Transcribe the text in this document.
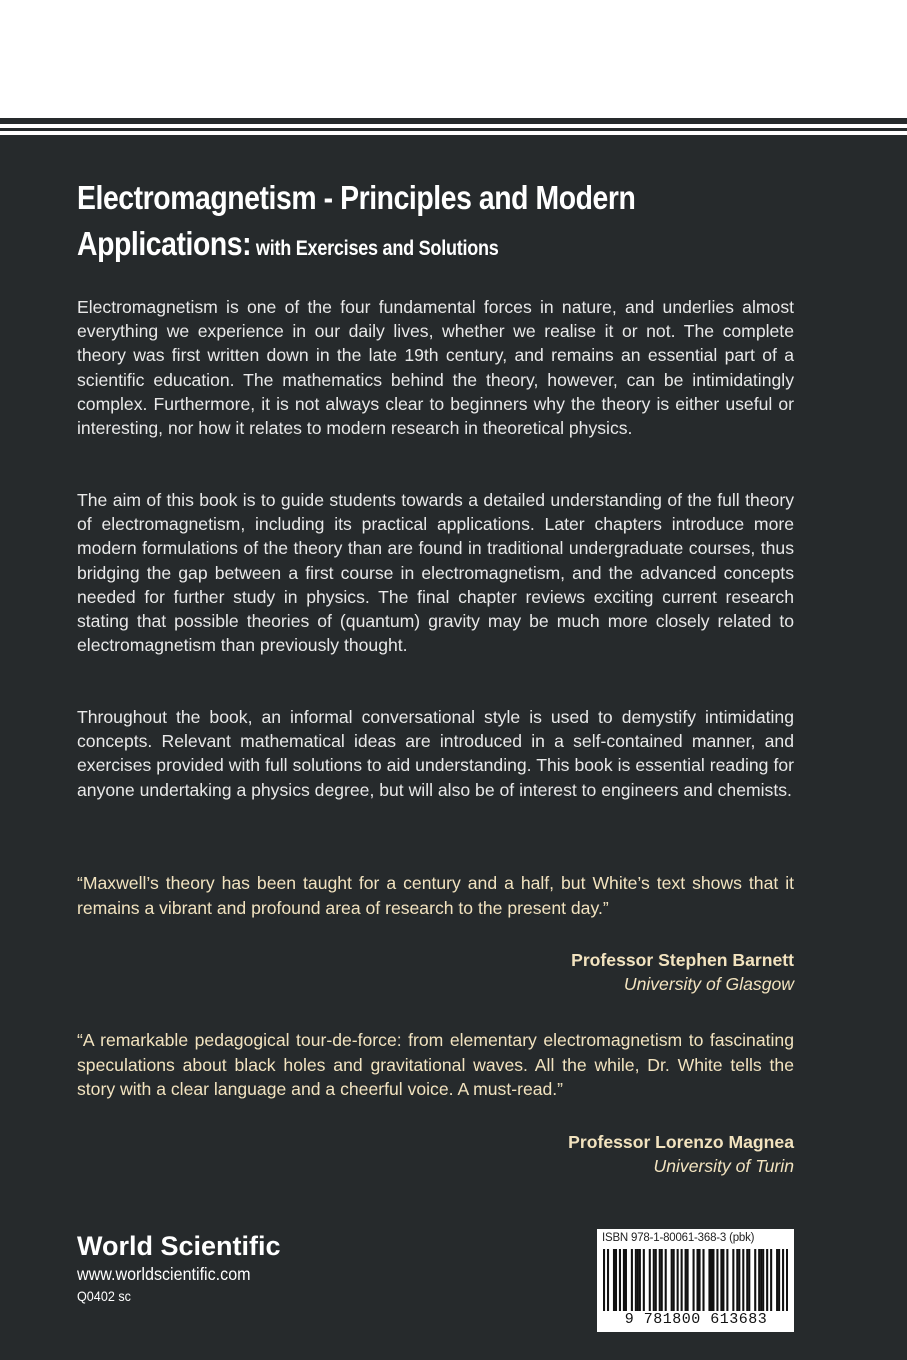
Electromagnetism - Principles and Modern
Applications: with Exercises and Solutions

Electromagnetism is one of the four fundamental forces in nature, and underlies almost everything we experience in our daily lives, whether we realise it or not. The complete theory was first written down in the late 19th century, and remains an essential part of a scientific education. The mathematics behind the theory, however, can be intimidatingly complex. Furthermore, it is not always clear to beginners why the theory is either useful or interesting, nor how it relates to modern research in theoretical physics.

The aim of this book is to guide students towards a detailed understanding of the full theory of electromagnetism, including its practical applications. Later chapters introduce more modern formulations of the theory than are found in traditional undergraduate courses, thus bridging the gap between a first course in electromagnetism, and the advanced concepts needed for further study in physics. The final chapter reviews exciting current research stating that possible theories of (quantum) gravity may be much more closely related to electromagnetism than previously thought.

Throughout the book, an informal conversational style is used to demystify intimidating concepts. Relevant mathematical ideas are introduced in a self-contained manner, and exercises provided with full solutions to aid understanding. This book is essential reading for anyone undertaking a physics degree, but will also be of interest to engineers and chemists.

“Maxwell’s theory has been taught for a century and a half, but White’s text shows that it remains a vibrant and profound area of research to the present day.”

Professor Stephen Barnett
University of Glasgow

“A remarkable pedagogical tour-de-force: from elementary electromagnetism to fascinating speculations about black holes and gravitational waves. All the while, Dr. White tells the story with a clear language and a cheerful voice. A must-read.”

Professor Lorenzo Magnea
University of Turin
World Scientific
www.worldscientific.com
Q0402 sc
ISBN 978-1-80061-368-3 (pbk)
9 781800 613683
